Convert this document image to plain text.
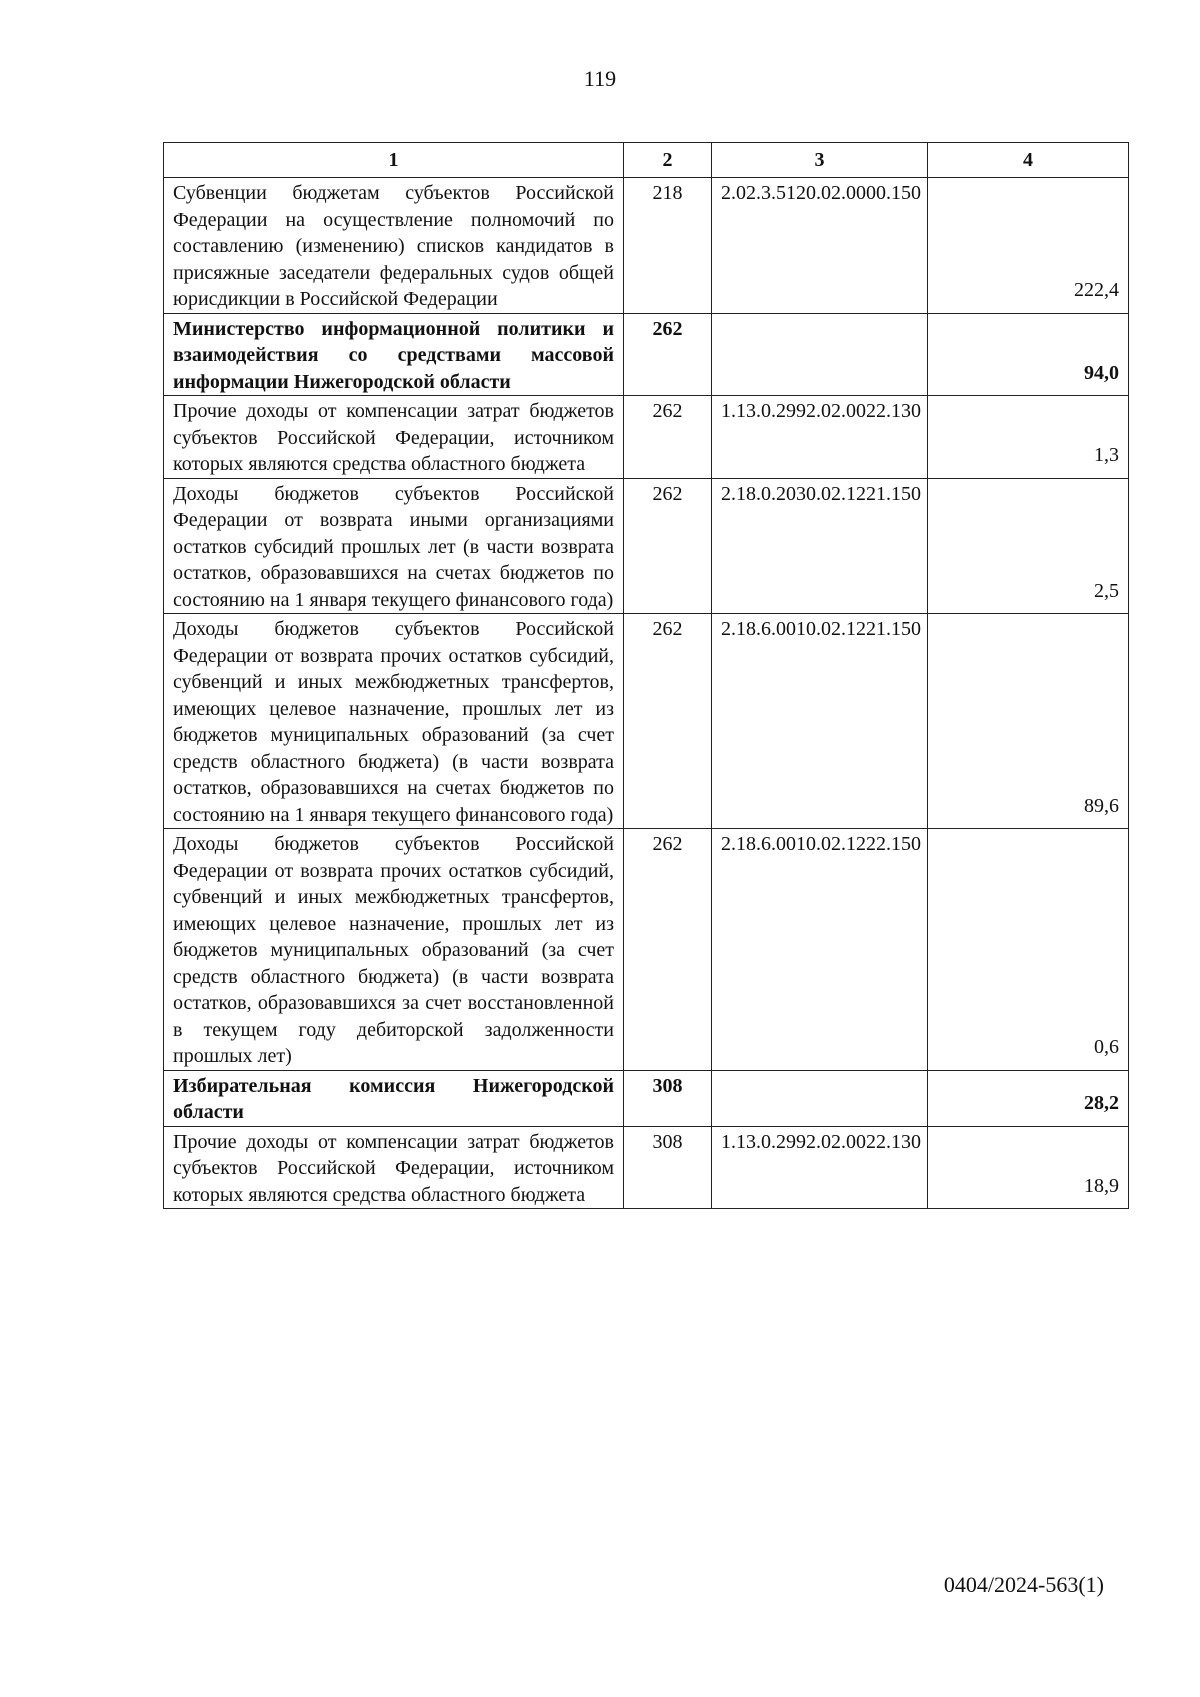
119
1	2	3	4
Субвенции бюджетам субъектов Российской Федерации на осуществление полномочий по составлению (изменению) списков кандидатов в присяжные заседатели федеральных судов общей юрисдикции в Российской Федерации	218	2.02.3.5120.02.0000.150	222,4
Министерство информационной политики и взаимодействия со средствами массовой информации Нижегородской области	262		94,0
Прочие доходы от компенсации затрат бюджетов субъектов Российской Федерации, источником которых являются средства областного бюджета	262	1.13.0.2992.02.0022.130	1,3
Доходы бюджетов субъектов Российской Федерации от возврата иными организациями остатков субсидий прошлых лет (в части возврата остатков, образовавшихся на счетах бюджетов по состоянию на 1 января текущего финансового года)	262	2.18.0.2030.02.1221.150	2,5
Доходы бюджетов субъектов Российской Федерации от возврата прочих остатков субсидий, субвенций и иных межбюджетных трансфертов, имеющих целевое назначение, прошлых лет из бюджетов муниципальных образований (за счет средств областного бюджета) (в части возврата остатков, образовавшихся на счетах бюджетов по состоянию на 1 января текущего финансового года)	262	2.18.6.0010.02.1221.150	89,6
Доходы бюджетов субъектов Российской Федерации от возврата прочих остатков субсидий, субвенций и иных межбюджетных трансфертов, имеющих целевое назначение, прошлых лет из бюджетов муниципальных образований (за счет средств областного бюджета) (в части возврата остатков, образовавшихся за счет восстановленной в текущем году дебиторской задолженности прошлых лет)	262	2.18.6.0010.02.1222.150	0,6
Избирательная комиссия Нижегородской области	308		28,2
Прочие доходы от компенсации затрат бюджетов субъектов Российской Федерации, источником которых являются средства областного бюджета	308	1.13.0.2992.02.0022.130	18,9
0404/2024-563(1)
